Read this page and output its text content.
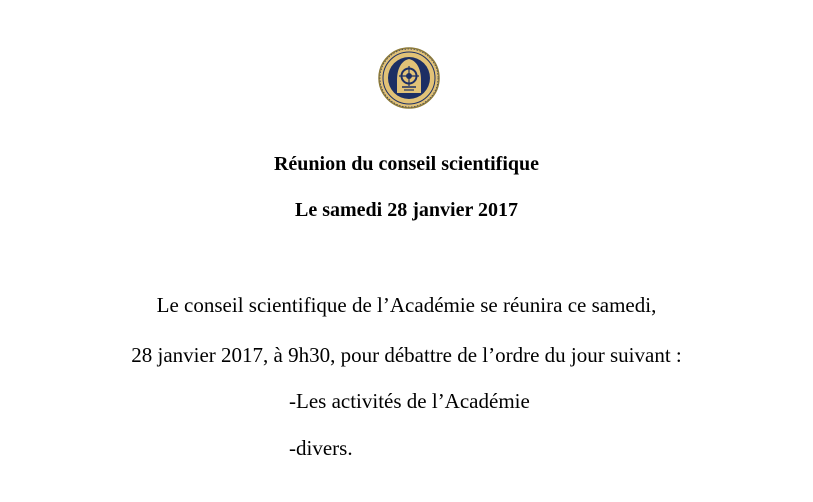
Réunion du conseil scientifique
Le samedi 28 janvier 2017
Le conseil scientifique de l’Académie se réunira ce samedi,
28 janvier 2017, à 9h30, pour débattre de l’ordre du jour suivant :
-Les activités de l’Académie
-divers.
